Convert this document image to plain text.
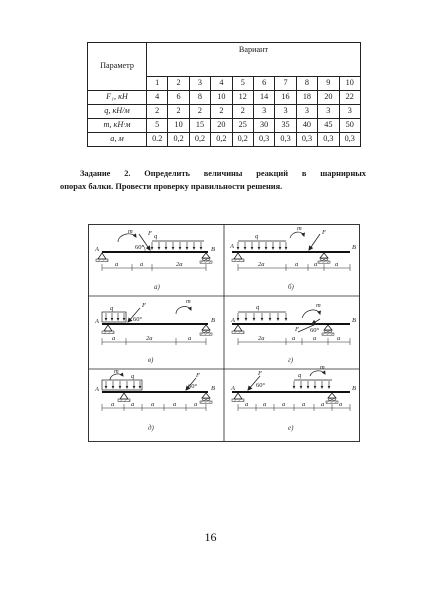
Параметр	Вариант									
	1	2	3	4	5	6	7	8	9	10
F₁, кН	4	6	8	10	12	14	16	18	20	22
q, кН/м	2	2	2	2	2	3	3	3	3	3
m, кН·м	5	10	15	20	25	30	35	40	45	50
a, м	0.2	0,2	0,2	0,2	0,2	0,3	0,3	0,3	0,3	0,3
Задание 2. Определить величины реакций в шарнирных
опорах балки. Провести проверку правильности решения.
A	B
F q
m
60°
a	a	2a
а)
A	B
q
F
m
2a	a a	a
б)
A	B
q	F
m
60°
a	2a	a
в)
A	B
q
F
m
60°
2a	a	a	a
г)
A	B
m
q	F
60°
a	a	a	a	a
д)
A	B
F
60°
q
m
a a a	a a a
е)
16
